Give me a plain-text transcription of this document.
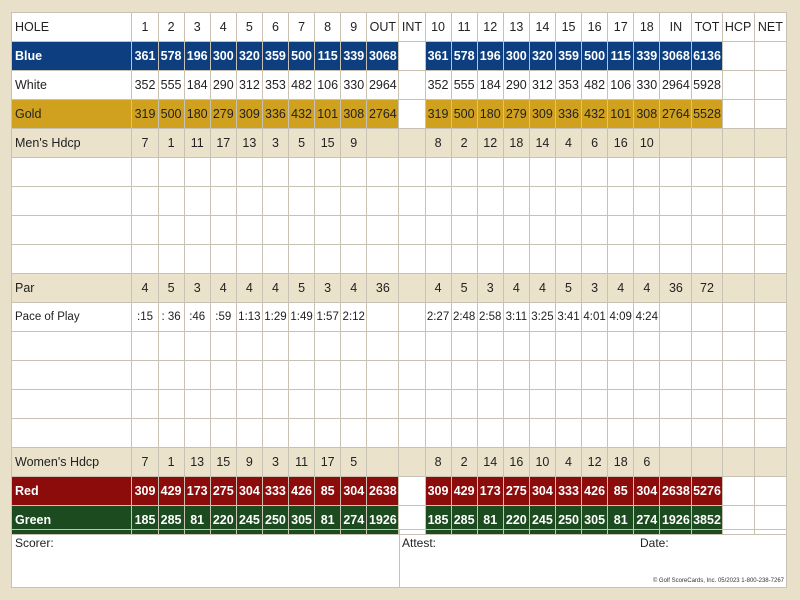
HOLE	1	2	3	4	5	6	7	8	9	OUT	INT	10	11	12	13	14	15	16	17	18	IN	TOT	HCP	NET
Blue	361	578	196	300	320	359	500	115	339	3068		361	578	196	300	320	359	500	115	339	3068	6136		
White	352	555	184	290	312	353	482	106	330	2964		352	555	184	290	312	353	482	106	330	2964	5928		
Gold	319	500	180	279	309	336	432	101	308	2764		319	500	180	279	309	336	432	101	308	2764	5528		
Men's Hdcp	7	1	11	17	13	3	5	15	9			8	2	12	18	14	4	6	16	10				

Par	4	5	3	4	4	4	5	3	4	36		4	5	3	4	4	5	3	4	4	36	72		
Pace of Play	:15	: 36	:46	:59	1:13	1:29	1:49	1:57	2:12			2:27	2:48	2:58	3:11	3:25	3:41	4:01	4:09	4:24				

Women's Hdcp	7	1	13	15	9	3	11	17	5			8	2	14	16	10	4	12	18	6				
Red	309	429	173	275	304	333	426	85	304	2638		309	429	173	275	304	333	426	85	304	2638	5276		
Green	185	285	81	220	245	250	305	81	274	1926		185	285	81	220	245	250	305	81	274	1926	3852		
Scorer:	Attest:	Date:
© Golf ScoreCards, Inc. 05/2023 1-800-238-7267
